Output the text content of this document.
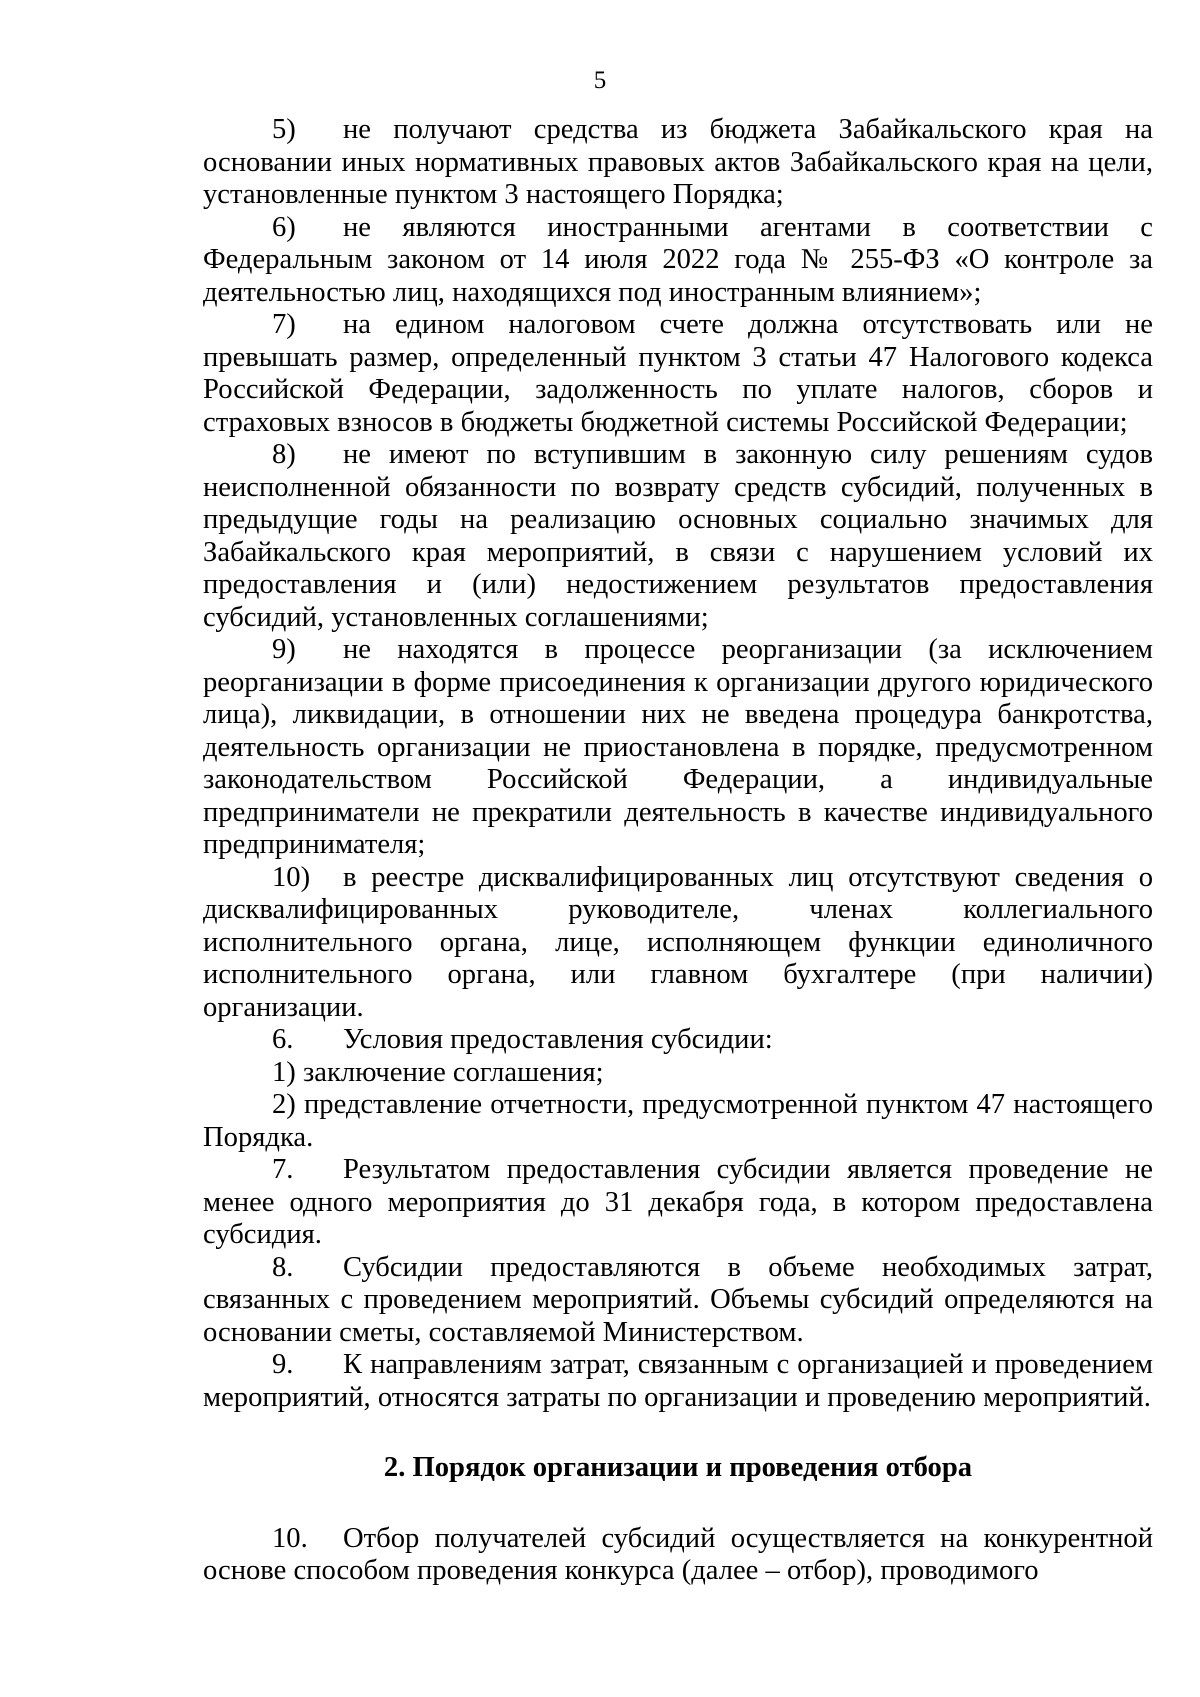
5

5) не получают средства из бюджета Забайкальского края на основании иных нормативных правовых актов Забайкальского края на цели, установленные пунктом 3 настоящего Порядка;

6) не являются иностранными агентами в соответствии с Федеральным законом от 14 июля 2022 года № 255-ФЗ «О контроле за деятельностью лиц, находящихся под иностранным влиянием»;

7) на едином налоговом счете должна отсутствовать или не превышать размер, определенный пунктом 3 статьи 47 Налогового кодекса Российской Федерации, задолженность по уплате налогов, сборов и страховых взносов в бюджеты бюджетной системы Российской Федерации;

8) не имеют по вступившим в законную силу решениям судов неисполненной обязанности по возврату средств субсидий, полученных в предыдущие годы на реализацию основных социально значимых для Забайкальского края мероприятий, в связи с нарушением условий их предоставления и (или) недостижением результатов предоставления субсидий, установленных соглашениями;

9) не находятся в процессе реорганизации (за исключением реорганизации в форме присоединения к организации другого юридического лица), ликвидации, в отношении них не введена процедура банкротства, деятельность организации не приостановлена в порядке, предусмотренном законодательством Российской Федерации, а индивидуальные предприниматели не прекратили деятельность в качестве индивидуального предпринимателя;

10) в реестре дисквалифицированных лиц отсутствуют сведения о дисквалифицированных руководителе, членах коллегиального исполнительного органа, лице, исполняющем функции единоличного исполнительного органа, или главном бухгалтере (при наличии) организации.

6. Условия предоставления субсидии:

1) заключение соглашения;

2) представление отчетности, предусмотренной пунктом 47 настоящего Порядка.

7. Результатом предоставления субсидии является проведение не менее одного мероприятия до 31 декабря года, в котором предоставлена субсидия.

8. Субсидии предоставляются в объеме необходимых затрат, связанных с проведением мероприятий. Объемы субсидий определяются на основании сметы, составляемой Министерством.

9. К направлениям затрат, связанным с организацией и проведением мероприятий, относятся затраты по организации и проведению мероприятий.

2. Порядок организации и проведения отбора

10. Отбор получателей субсидий осуществляется на конкурентной основе способом проведения конкурса (далее – отбор), проводимого
